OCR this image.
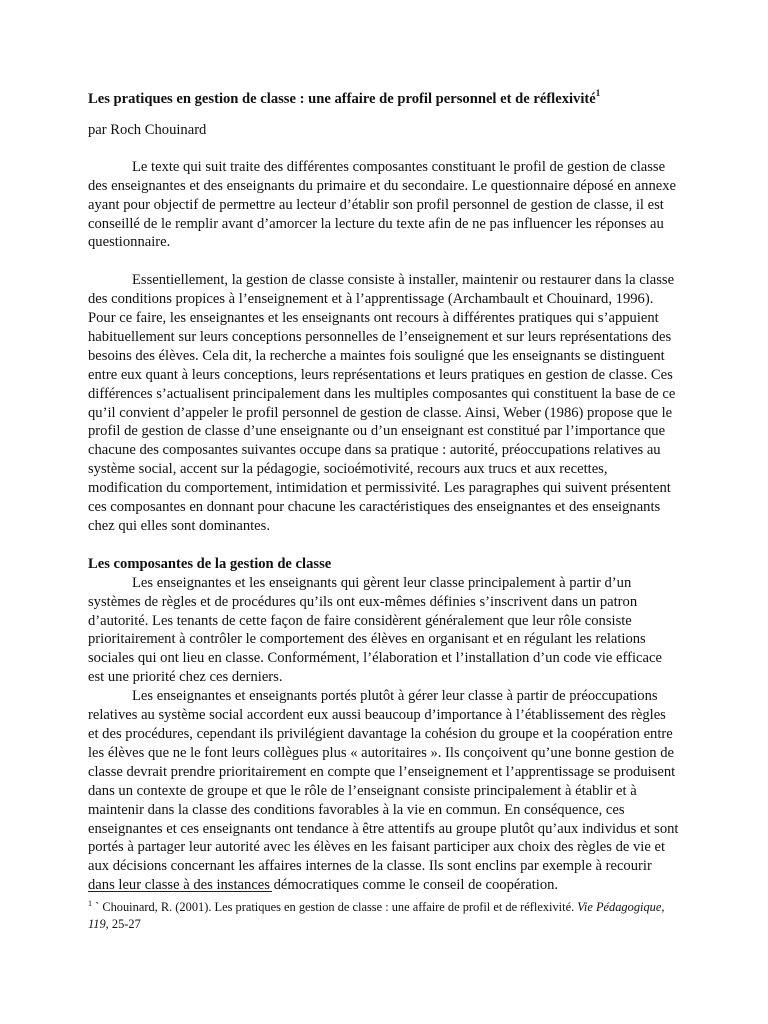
Les pratiques en gestion de classe : une affaire de profil personnel et de réflexivité$^1$
par Roch Chouinard

Le texte qui suit traite des différentes composantes constituant le profil de gestion de classe des enseignantes et des enseignants du primaire et du secondaire. Le questionnaire déposé en annexe ayant pour objectif de permettre au lecteur d’établir son profil personnel de gestion de classe, il est conseillé de le remplir avant d’amorcer la lecture du texte afin de ne pas influencer les réponses au questionnaire.

Essentiellement, la gestion de classe consiste à installer, maintenir ou restaurer dans la classe des conditions propices à l’enseignement et à l’apprentissage (Archambault et Chouinard, 1996). Pour ce faire, les enseignantes et les enseignants ont recours à différentes pratiques qui s’appuient habituellement sur leurs conceptions personnelles de l’enseignement et sur leurs représentations des besoins des élèves. Cela dit, la recherche a maintes fois souligné que les enseignants se distinguent entre eux quant à leurs conceptions, leurs représentations et leurs pratiques en gestion de classe. Ces différences s’actualisent principalement dans les multiples composantes qui constituent la base de ce qu’il convient d’appeler le profil personnel de gestion de classe. Ainsi, Weber (1986) propose que le profil de gestion de classe d’une enseignante ou d’un enseignant est constitué par l’importance que chacune des composantes suivantes occupe dans sa pratique : autorité, préoccupations relatives au système social, accent sur la pédagogie, socioémotivité, recours aux trucs et aux recettes, modification du comportement, intimidation et permissivité. Les paragraphes qui suivent présentent ces composantes en donnant pour chacune les caractéristiques des enseignantes et des enseignants chez qui elles sont dominantes.

Les composantes de la gestion de classe

Les enseignantes et les enseignants qui gèrent leur classe principalement à partir d’un systèmes de règles et de procédures qu’ils ont eux-mêmes définies s’inscrivent dans un patron d’autorité. Les tenants de cette façon de faire considèrent généralement que leur rôle consiste prioritairement à contrôler le comportement des élèves en organisant et en régulant les relations sociales qui ont lieu en classe. Conformément, l’élaboration et l’installation d’un code vie efficace est une priorité chez ces derniers.

Les enseignantes et enseignants portés plutôt à gérer leur classe à partir de préoccupations relatives au système social accordent eux aussi beaucoup d’importance à l’établissement des règles et des procédures, cependant ils privilégient davantage la cohésion du groupe et la coopération entre les élèves que ne le font leurs collègues plus « autoritaires ». Ils conçoivent qu’une bonne gestion de classe devrait prendre prioritairement en compte que l’enseignement et l’apprentissage se produisent dans un contexte de groupe et que le rôle de l’enseignant consiste principalement à établir et à maintenir dans la classe des conditions favorables à la vie en commun. En conséquence, ces enseignantes et ces enseignants ont tendance à être attentifs au groupe plutôt qu’aux individus et sont portés à partager leur autorité avec les élèves en les faisant participer aux choix des règles de vie et aux décisions concernant les affaires internes de la classe. Ils sont enclins par exemple à recourir dans leur classe à des instances démocratiques comme le conseil de coopération.

$^1$ ` Chouinard, R. (2001). Les pratiques en gestion de classe : une affaire de profil et de réflexivité. Vie Pédagogique, 119, 25-27
